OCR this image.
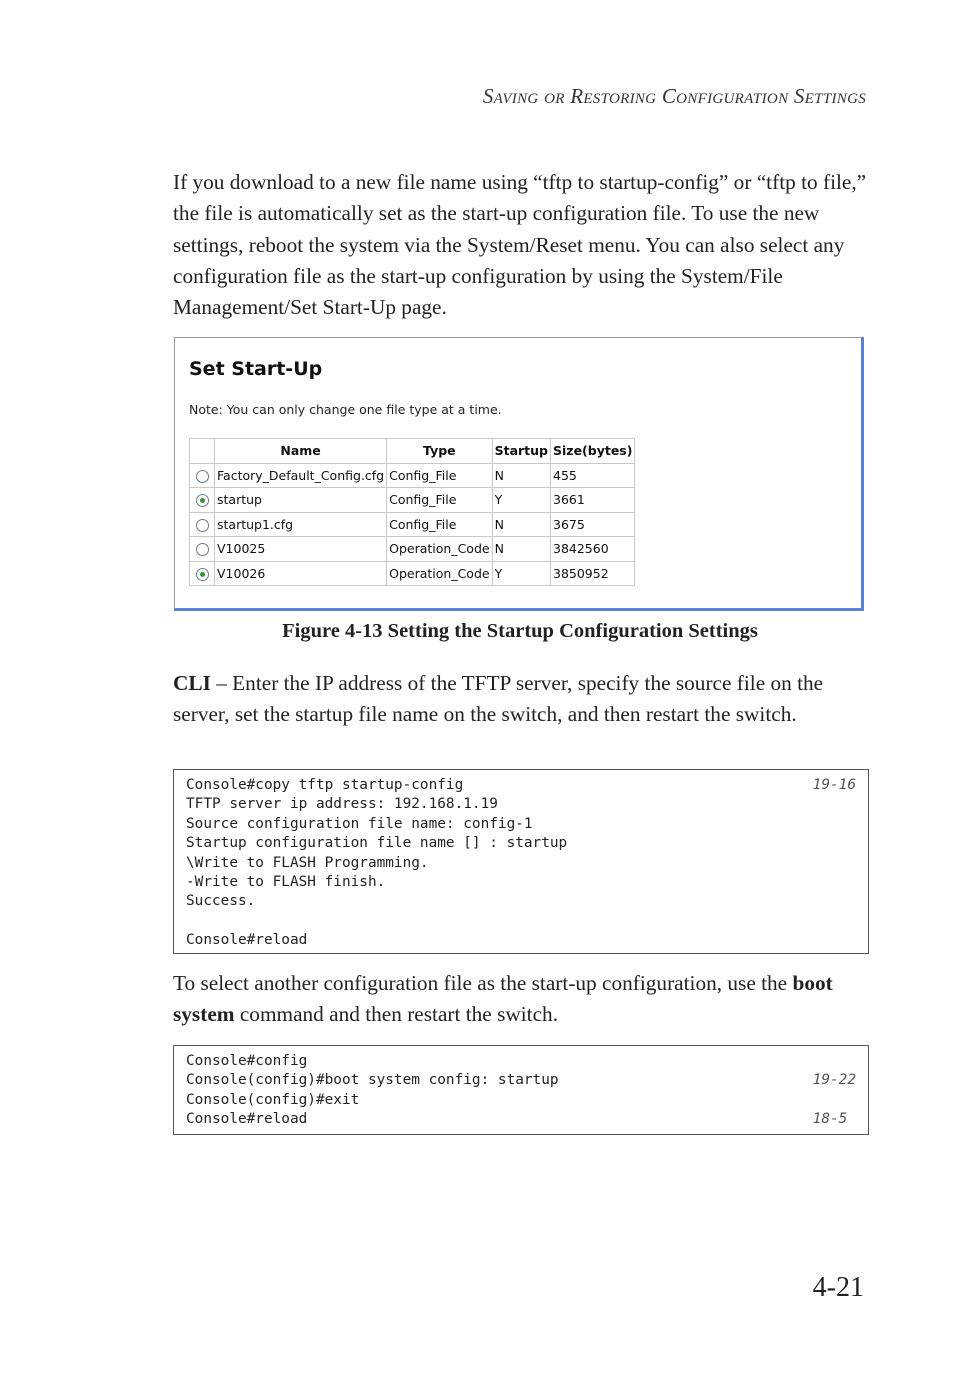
Saving or Restoring Configuration Settings

If you download to a new file name using “tftp to startup-config” or “tftp to file,” the file is automatically set as the start-up configuration file. To use the new settings, reboot the system via the System/Reset menu. You can also select any configuration file as the start-up configuration by using the System/File Management/Set Start-Up page.

Set Start-Up
Note: You can only change one file type at a time.
	Name	Type	Startup	Size(bytes)
	Factory_Default_Config.cfg	Config_File	N	455
	startup	Config_File	Y	3661
	startup1.cfg	Config_File	N	3675
	V10025	Operation_Code	N	3842560
	V10026	Operation_Code	Y	3850952
Figure 4-13 Setting the Startup Configuration Settings

CLI – Enter the IP address of the TFTP server, specify the source file on the server, set the startup file name on the switch, and then restart the switch.

Console#copy tftp startup-config	19-16
TFTP server ip address: 192.168.1.19
Source configuration file name: config-1
Startup configuration file name [] : startup
\Write to FLASH Programming.
-Write to FLASH finish.
Success.
Console#reload

To select another configuration file as the start-up configuration, use the boot system command and then restart the switch.

Console#config
Console(config)#boot system config: startup	19-22
Console(config)#exit
Console#reload	18-5
4-21
